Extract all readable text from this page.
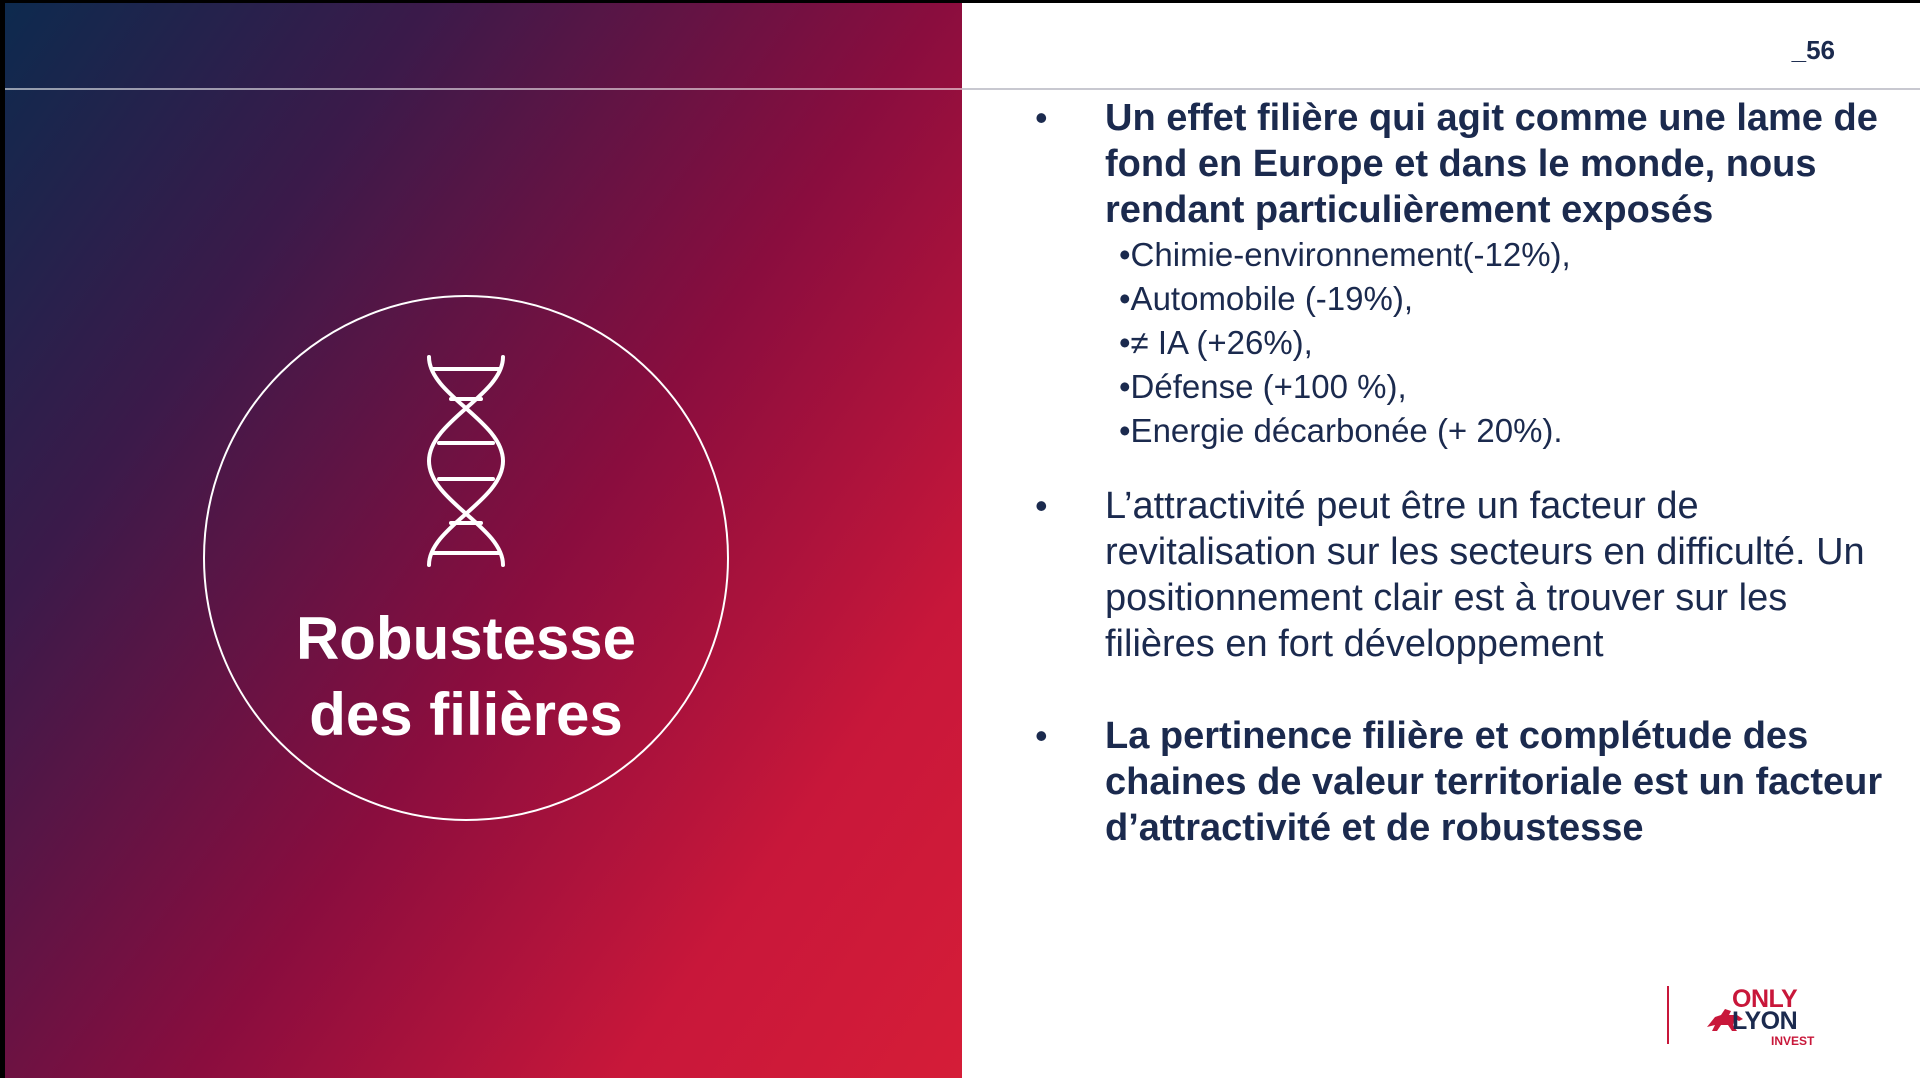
Robustesse
des filières
_56
• Un effet filière qui agit comme une lame de fond en Europe et dans le monde, nous rendant particulièrement exposés
•Chimie-environnement(-12%),
•Automobile (-19%),
•≠ IA (+26%),
•Défense (+100 %),
•Energie décarbonée (+ 20%).
• L’attractivité peut être un facteur de revitalisation sur les secteurs en difficulté. Un positionnement clair est à trouver sur les filières en fort développement
• La pertinence filière et complétude des chaines de valeur territoriale est un facteur d’attractivité et de robustesse
ONLY
LYON
INVEST
